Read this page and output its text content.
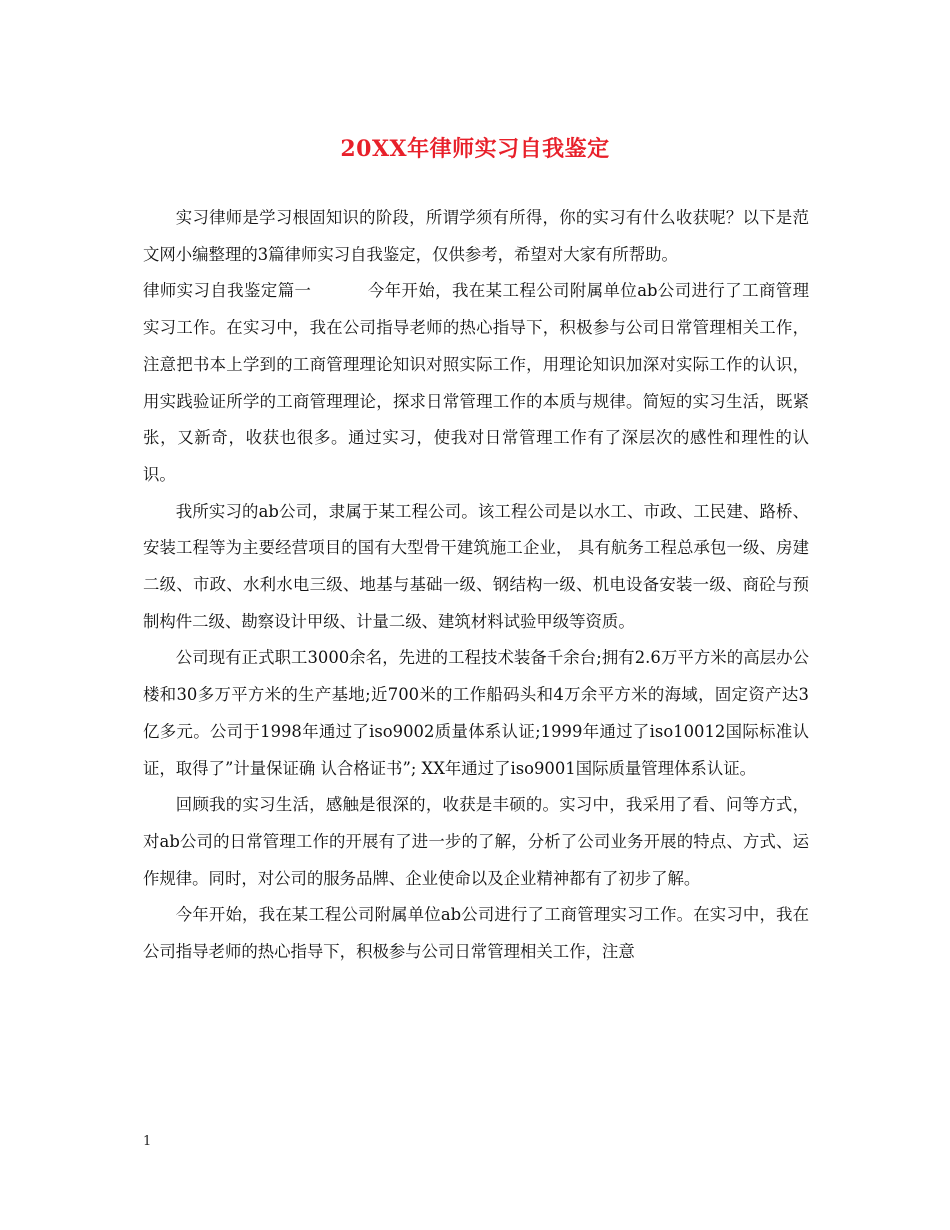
20XX年律师实习自我鉴定

实习律师是学习根固知识的阶段，所谓学须有所得，你的实习有什么收获呢？以下是范文网小编整理的3篇律师实习自我鉴定，仅供参考，希望对大家有所帮助。

律师实习自我鉴定篇一	今年开始，我在某工程公司附属单位ab公司进行了工商管理实习工作。在实习中，我在公司指导老师的热心指导下，积极参与公司日常管理相关工作，注意把书本上学到的工商管理理论知识对照实际工作，用理论知识加深对实际工作的认识，用实践验证所学的工商管理理论，探求日常管理工作的本质与规律。简短的实习生活，既紧张，又新奇，收获也很多。通过实习，使我对日常管理工作有了深层次的感性和理性的认识。

我所实习的ab公司，隶属于某工程公司。该工程公司是以水工、市政、工民建、路桥、安装工程等为主要经营项目的国有大型骨干建筑施工企业， 具有航务工程总承包一级、房建二级、市政、水利水电三级、地基与基础一级、钢结构一级、机电设备安装一级、商砼与预制构件二级、勘察设计甲级、计量二级、建筑材料试验甲级等资质。

公司现有正式职工3000余名，先进的工程技术装备千余台;拥有2.6万平方米的高层办公楼和30多万平方米的生产基地;近700米的工作船码头和4万余平方米的海域，固定资产达3亿多元。公司于1998年通过了iso9002质量体系认证;1999年通过了iso10012国际标准认证，取得了”计量保证确 认合格证书”; XX年通过了iso9001国际质量管理体系认证。

回顾我的实习生活，感触是很深的，收获是丰硕的。实习中，我采用了看、问等方式，对ab公司的日常管理工作的开展有了进一步的了解，分析了公司业务开展的特点、方式、运作规律。同时，对公司的服务品牌、企业使命以及企业精神都有了初步了解。

今年开始，我在某工程公司附属单位ab公司进行了工商管理实习工作。在实习中，我在公司指导老师的热心指导下，积极参与公司日常管理相关工作，注意

1
